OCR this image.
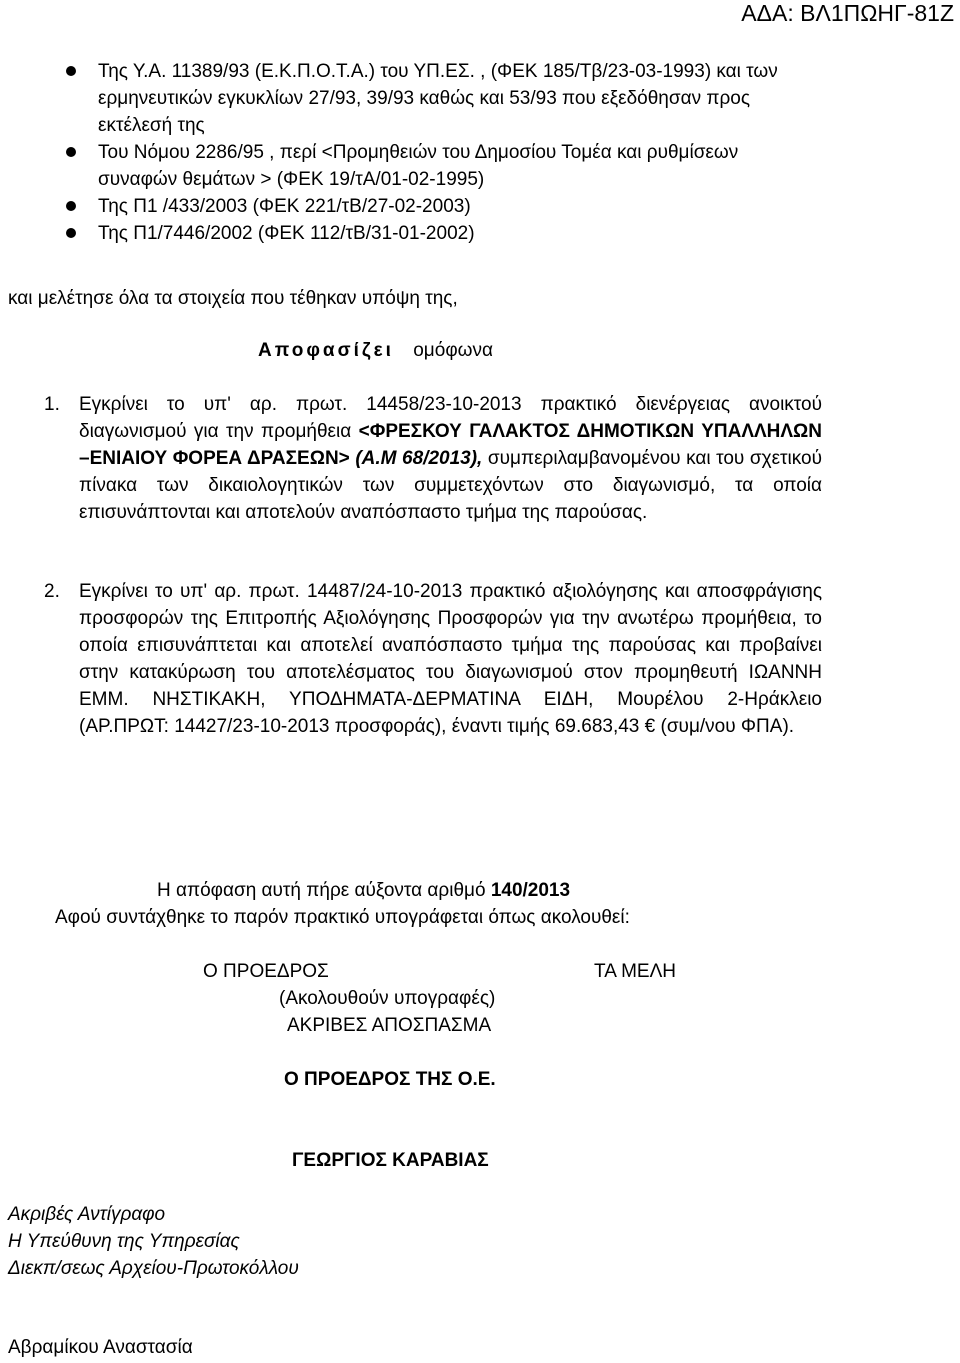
ΑΔΑ: ΒΛ1ΠΩΗΓ-81Ζ
Της Υ.Α. 11389/93 (Ε.Κ.Π.Ο.Τ.Α.) του ΥΠ.ΕΣ. , (ΦΕΚ 185/Τβ/23-03-1993) και των ερμηνευτικών εγκυκλίων 27/93, 39/93 καθώς και 53/93 που εξεδόθησαν προς εκτέλεσή της
Του Νόμου 2286/95 , περί <Προμηθειών του Δημοσίου Τομέα και ρυθμίσεων συναφών θεμάτων > (ΦΕΚ 19/τΑ/01-02-1995)
Της Π1 /433/2003 (ΦΕΚ 221/τΒ/27-02-2003)
Της Π1/7446/2002 (ΦΕΚ 112/τΒ/31-01-2002)
και μελέτησε όλα τα στοιχεία που τέθηκαν υπόψη της,
Αποφασίζει ομόφωνα
1. Εγκρίνει το υπ' αρ. πρωτ. 14458/23-10-2013 πρακτικό διενέργειας ανοικτού διαγωνισμού για την προμήθεια <ΦΡΕΣΚΟΥ ΓΑΛΑΚΤΟΣ ΔΗΜΟΤΙΚΩΝ ΥΠΑΛΛΗΛΩΝ –ΕΝΙΑΙΟΥ ΦΟΡΕΑ ΔΡΑΣΕΩΝ> (Α.Μ 68/2013), συμπεριλαμβανομένου και του σχετικού πίνακα των δικαιολογητικών των συμμετεχόντων στο διαγωνισμό, τα οποία επισυνάπτονται και αποτελούν αναπόσπαστο τμήμα της παρούσας.
2. Εγκρίνει το υπ' αρ. πρωτ. 14487/24-10-2013 πρακτικό αξιολόγησης και αποσφράγισης προσφορών της Επιτροπής Αξιολόγησης Προσφορών για την ανωτέρω προμήθεια, το οποία επισυνάπτεται και αποτελεί αναπόσπαστο τμήμα της παρούσας και προβαίνει στην κατακύρωση του αποτελέσματος του διαγωνισμού στον προμηθευτή ΙΩΑΝΝΗ ΕΜΜ. ΝΗΣΤΙΚΑΚΗ, ΥΠΟΔΗΜΑΤΑ-ΔΕΡΜΑΤΙΝΑ ΕΙΔΗ, Μουρέλου 2-Ηράκλειο (ΑΡ.ΠΡΩΤ: 14427/23-10-2013 προσφοράς), έναντι τιμής 69.683,43 € (συμ/νου ΦΠΑ).
Η απόφαση αυτή πήρε αύξοντα αριθμό 140/2013
Αφού συντάχθηκε το παρόν πρακτικό υπογράφεται όπως ακολουθεί:
Ο ΠΡΟΕΔΡΟΣ	ΤΑ ΜΕΛΗ
(Ακολουθούν υπογραφές)
ΑΚΡΙΒΕΣ ΑΠΟΣΠΑΣΜΑ
Ο ΠΡΟΕΔΡΟΣ ΤΗΣ Ο.Ε.
ΓΕΩΡΓΙΟΣ ΚΑΡΑΒΙΑΣ
Ακριβές Αντίγραφο
Η Υπεύθυνη της Υπηρεσίας
Διεκπ/σεως Αρχείου-Πρωτοκόλλου
Αβραμίκου Αναστασία
